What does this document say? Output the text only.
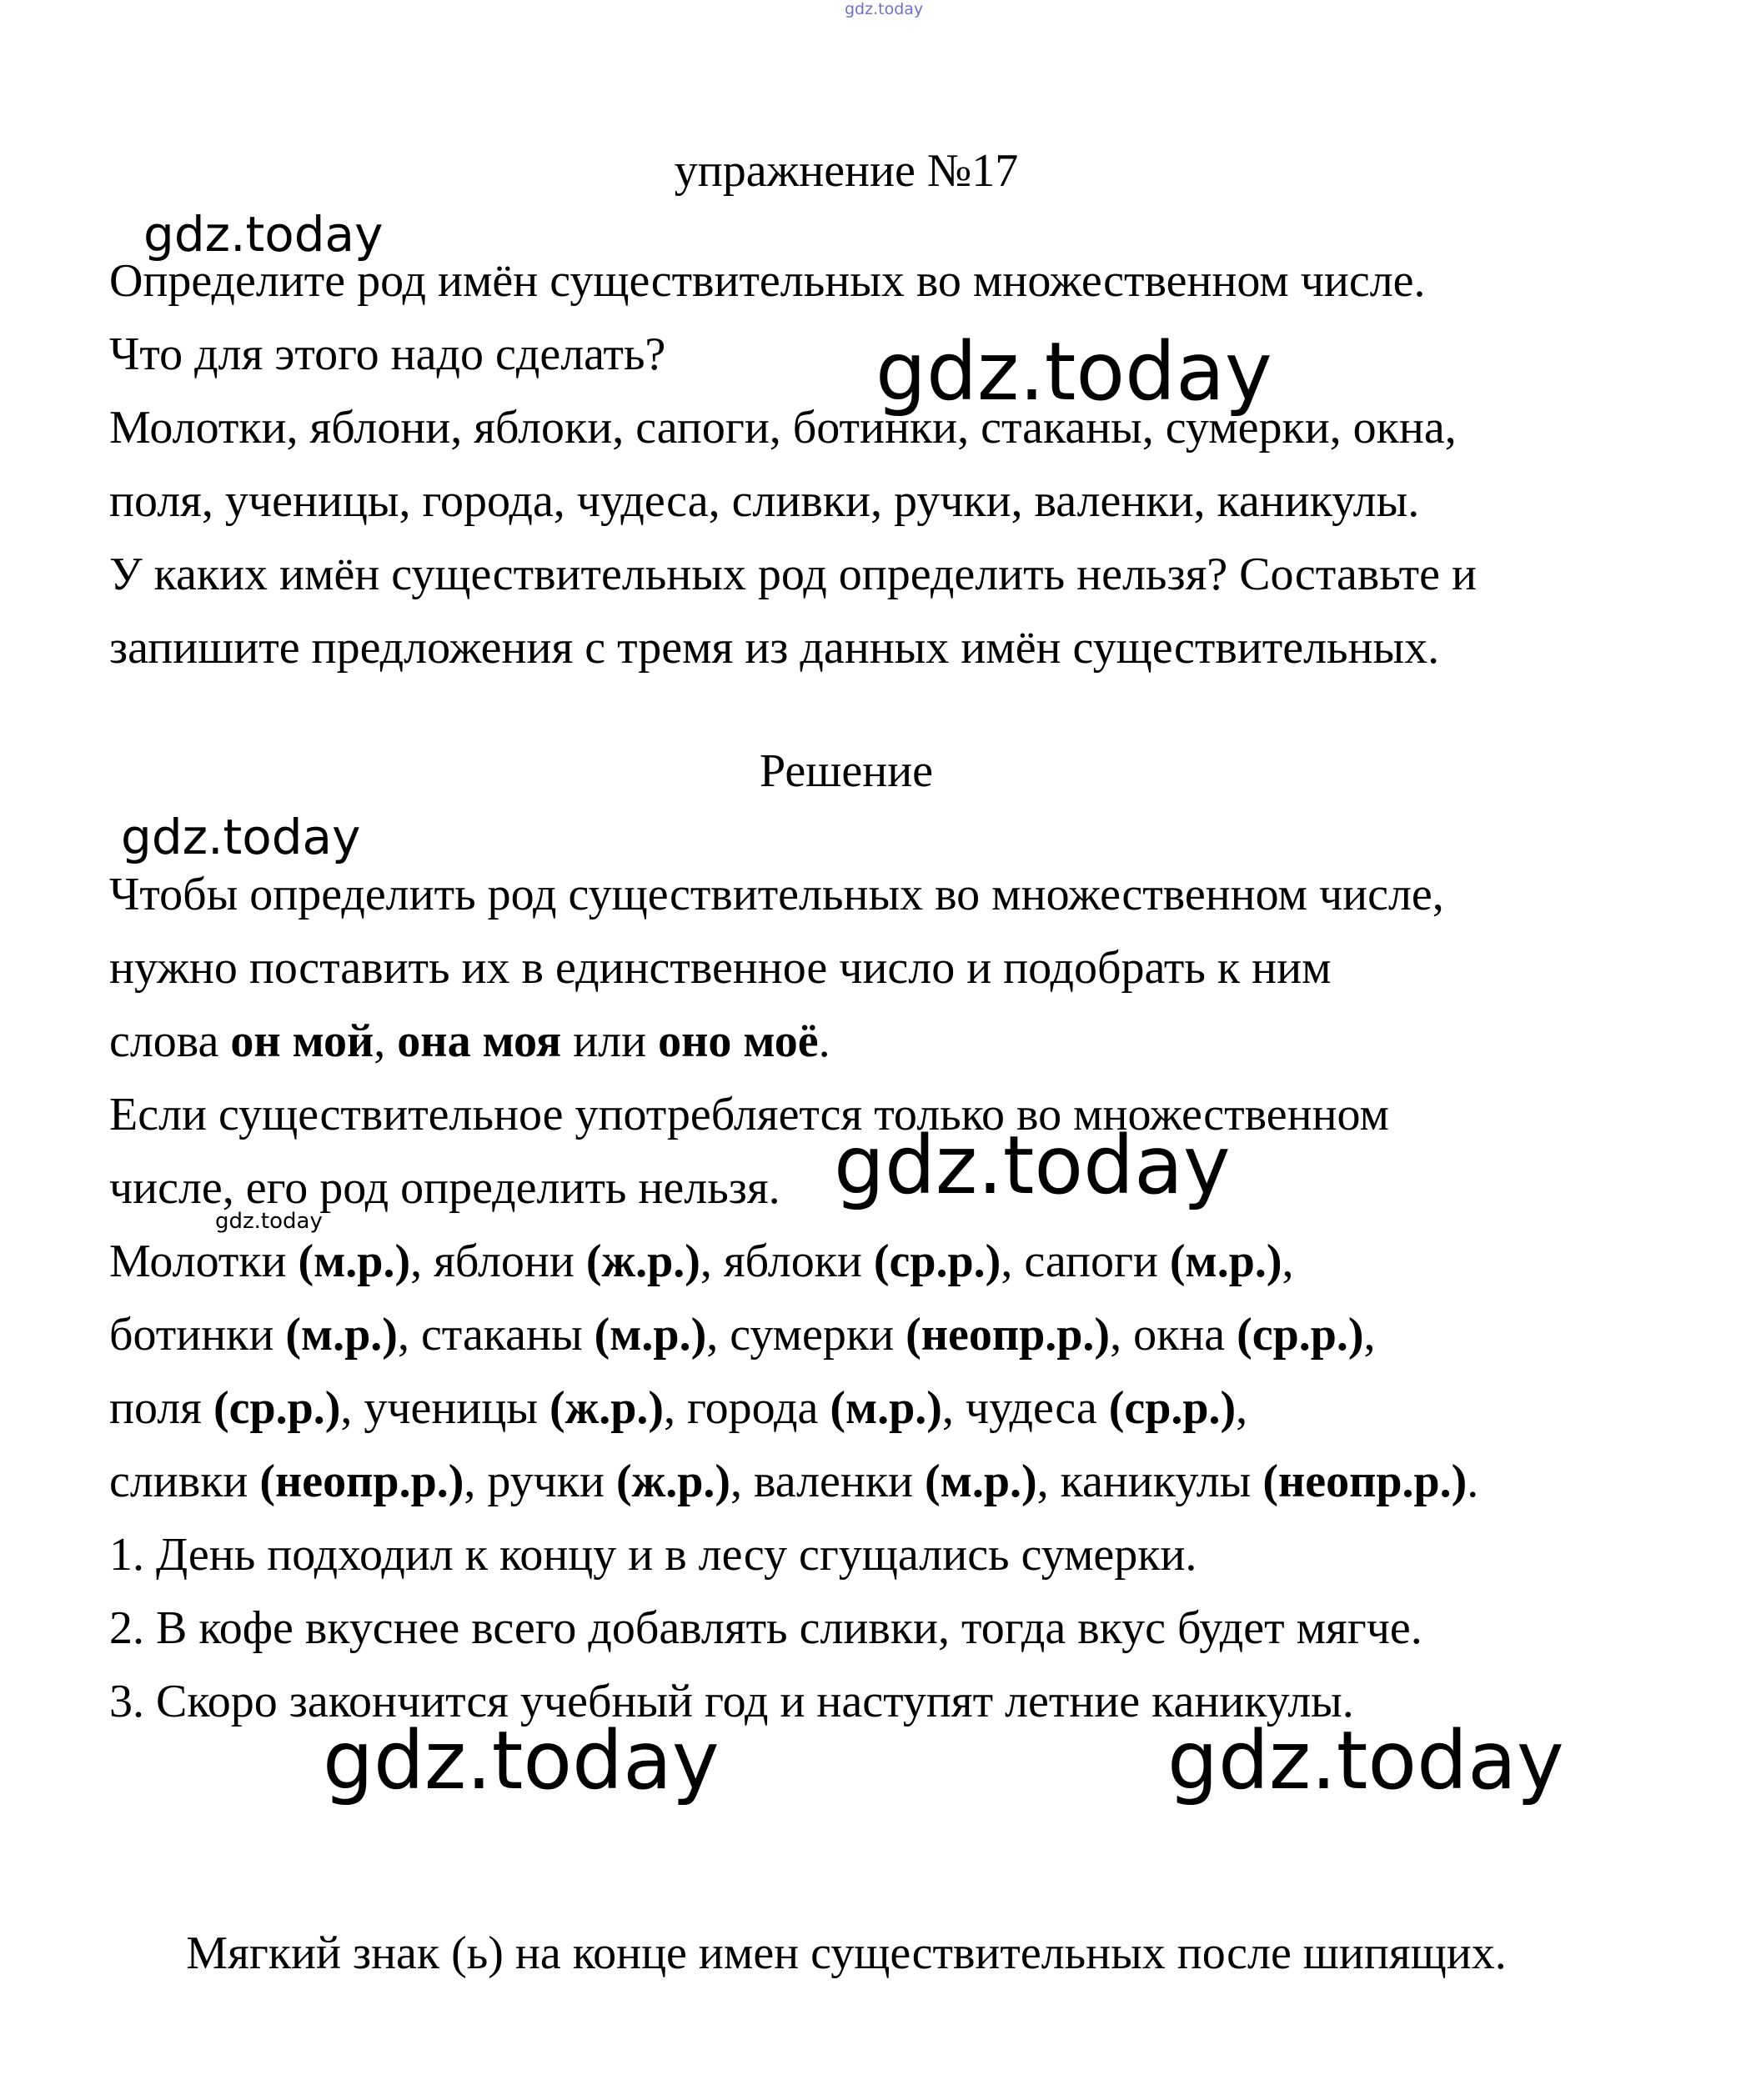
gdz.today
gdz.today
gdz.today
gdz.today
gdz.today
gdz.today
gdz.today	gdz.today

упражнение №17

Определите род имён существительных во множественном числе.

Что для этого надо сделать?

Молотки, яблони, яблоки, сапоги, ботинки, стаканы, сумерки, окна,

поля, ученицы, города, чудеса, сливки, ручки, валенки, каникулы.

У каких имён существительных род определить нельзя? Составьте и

запишите предложения с тремя из данных имён существительных.

Решение

Чтобы определить род существительных во множественном числе,

нужно поставить их в единственное число и подобрать к ним

слова он мой, она моя или оно моё.

Если существительное употребляется только во множественном

числе, его род определить нельзя.

Молотки (м.р.), яблони (ж.р.), яблоки (ср.р.), сапоги (м.р.),

ботинки (м.р.), стаканы (м.р.), сумерки (неопр.р.), окна (ср.р.),

поля (ср.р.), ученицы (ж.р.), города (м.р.), чудеса (ср.р.),

сливки (неопр.р.), ручки (ж.р.), валенки (м.р.), каникулы (неопр.р.).

1. День подходил к концу и в лесу сгущались сумерки.

2. В кофе вкуснее всего добавлять сливки, тогда вкус будет мягче.

3. Скоро закончится учебный год и наступят летние каникулы.

Мягкий знак (ь) на конце имен существительных после шипящих.
